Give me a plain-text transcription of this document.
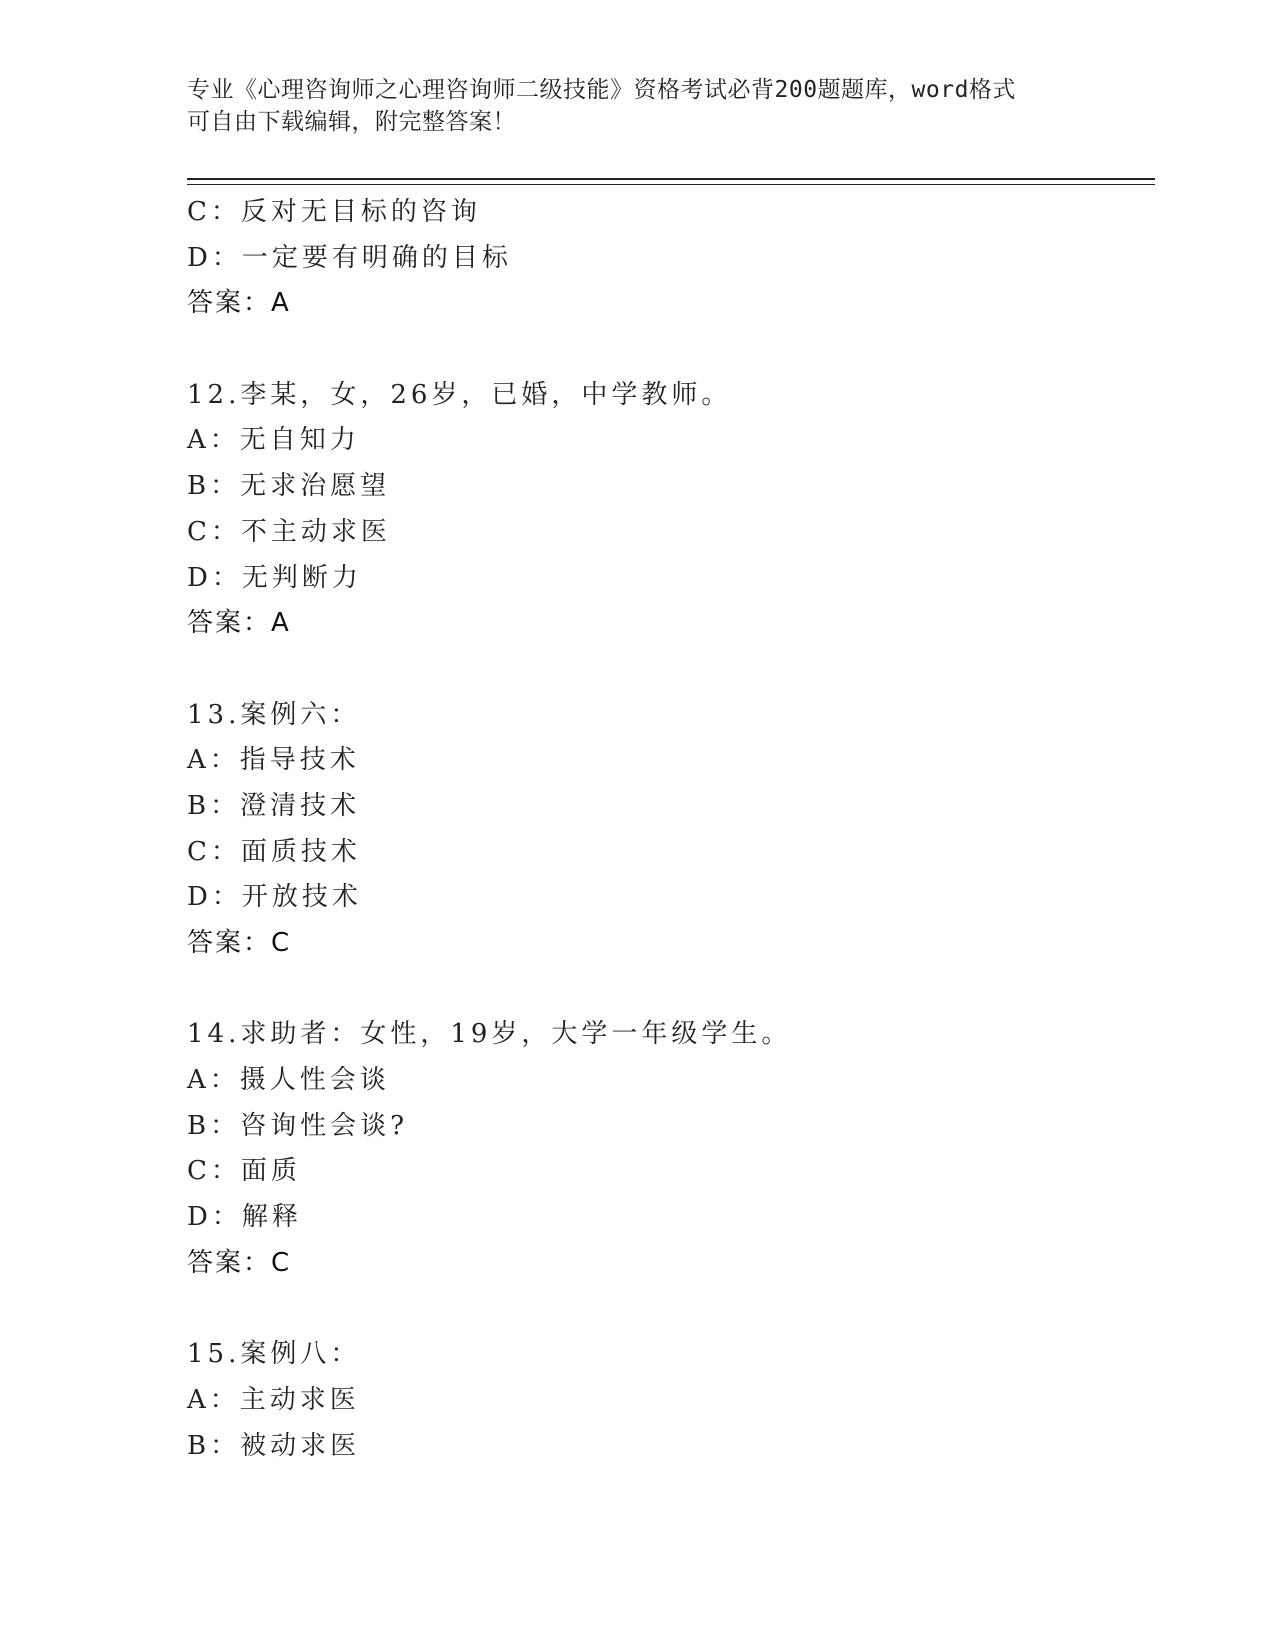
专业《心理咨询师之心理咨询师二级技能》资格考试必背200题题库，word格式
可自由下载编辑，附完整答案！
C：反对无目标的咨询
D：一定要有明确的目标
答案：A
12.李某，女，26岁，已婚，中学教师。
A：无自知力
B：无求治愿望
C：不主动求医
D：无判断力
答案：A
13.案例六：
A：指导技术
B：澄清技术
C：面质技术
D：开放技术
答案：C
14.求助者：女性，19岁，大学一年级学生。
A：摄人性会谈
B：咨询性会谈?
C：面质
D：解释
答案：C
15.案例八：
A：主动求医
B：被动求医
